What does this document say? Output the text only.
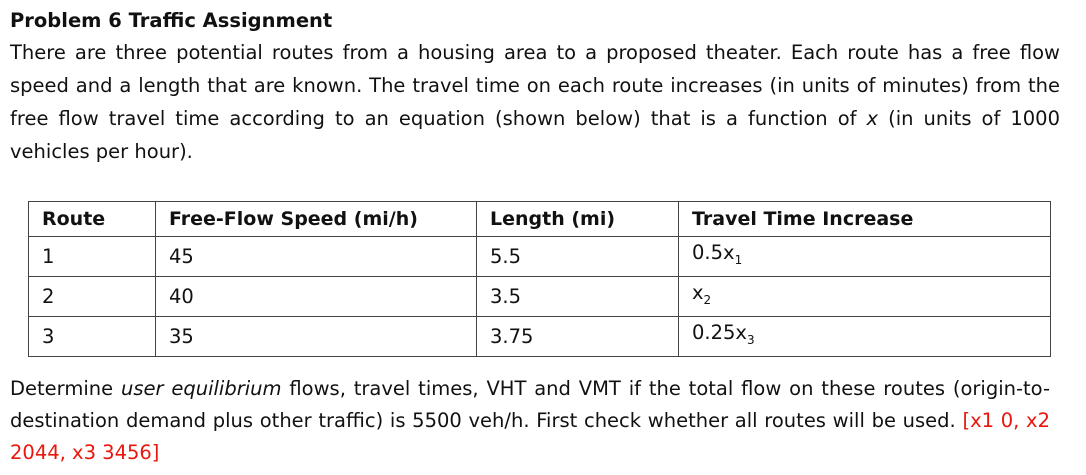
Problem 6 Traffic Assignment

There are three potential routes from a housing area to a proposed theater. Each route has a free flow speed and a length that are known. The travel time on each route increases (in units of minutes) from the free flow travel time according to an equation (shown below) that is a function of x (in units of 1000 vehicles per hour).

Route	Free-Flow Speed (mi/h)	Length (mi)	Travel Time Increase
1	45	5.5	$0.5x_1$
2	40	3.5	$x_2$
3	35	3.75	$0.25x_3$

Determine user equilibrium flows, travel times, VHT and VMT if the total flow on these routes (origin-to-destination demand plus other traffic) is 5500 veh/h. First check whether all routes will be used. [x1 0, x2 2044, x3 3456]
